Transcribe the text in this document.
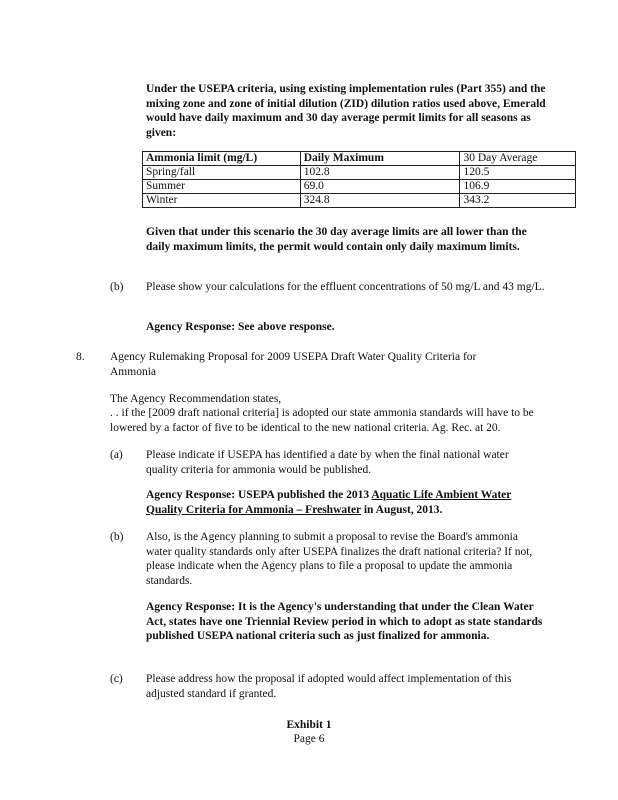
Under the USEPA criteria, using existing implementation rules (Part 355) and the mixing zone and zone of initial dilution (ZID) dilution ratios used above, Emerald would have daily maximum and 30 day average permit limits for all seasons as given:

Ammonia limit (mg/L)	Daily Maximum	30 Day Average
Spring/fall	102.8	120.5
Summer	69.0	106.9
Winter	324.8	343.2

Given that under this scenario the 30 day average limits are all lower than the daily maximum limits, the permit would contain only daily maximum limits.

(b) Please show your calculations for the effluent concentrations of 50 mg/L and 43 mg/L.

Agency Response: See above response.

8. Agency Rulemaking Proposal for 2009 USEPA Draft Water Quality Criteria for Ammonia

The Agency Recommendation states,

. . if the [2009 draft national criteria] is adopted our state ammonia standards will have to be lowered by a factor of five to be identical to the new national criteria. Ag. Rec. at 20.

(a) Please indicate if USEPA has identified a date by when the final national water quality criteria for ammonia would be published.

Agency Response: USEPA published the 2013 Aquatic Life Ambient Water Quality Criteria for Ammonia – Freshwater in August, 2013.

(b) Also, is the Agency planning to submit a proposal to revise the Board's ammonia water quality standards only after USEPA finalizes the draft national criteria? If not, please indicate when the Agency plans to file a proposal to update the ammonia standards.

Agency Response: It is the Agency's understanding that under the Clean Water Act, states have one Triennial Review period in which to adopt as state standards published USEPA national criteria such as just finalized for ammonia.

(c) Please address how the proposal if adopted would affect implementation of this adjusted standard if granted.

Exhibit 1
Page 6
